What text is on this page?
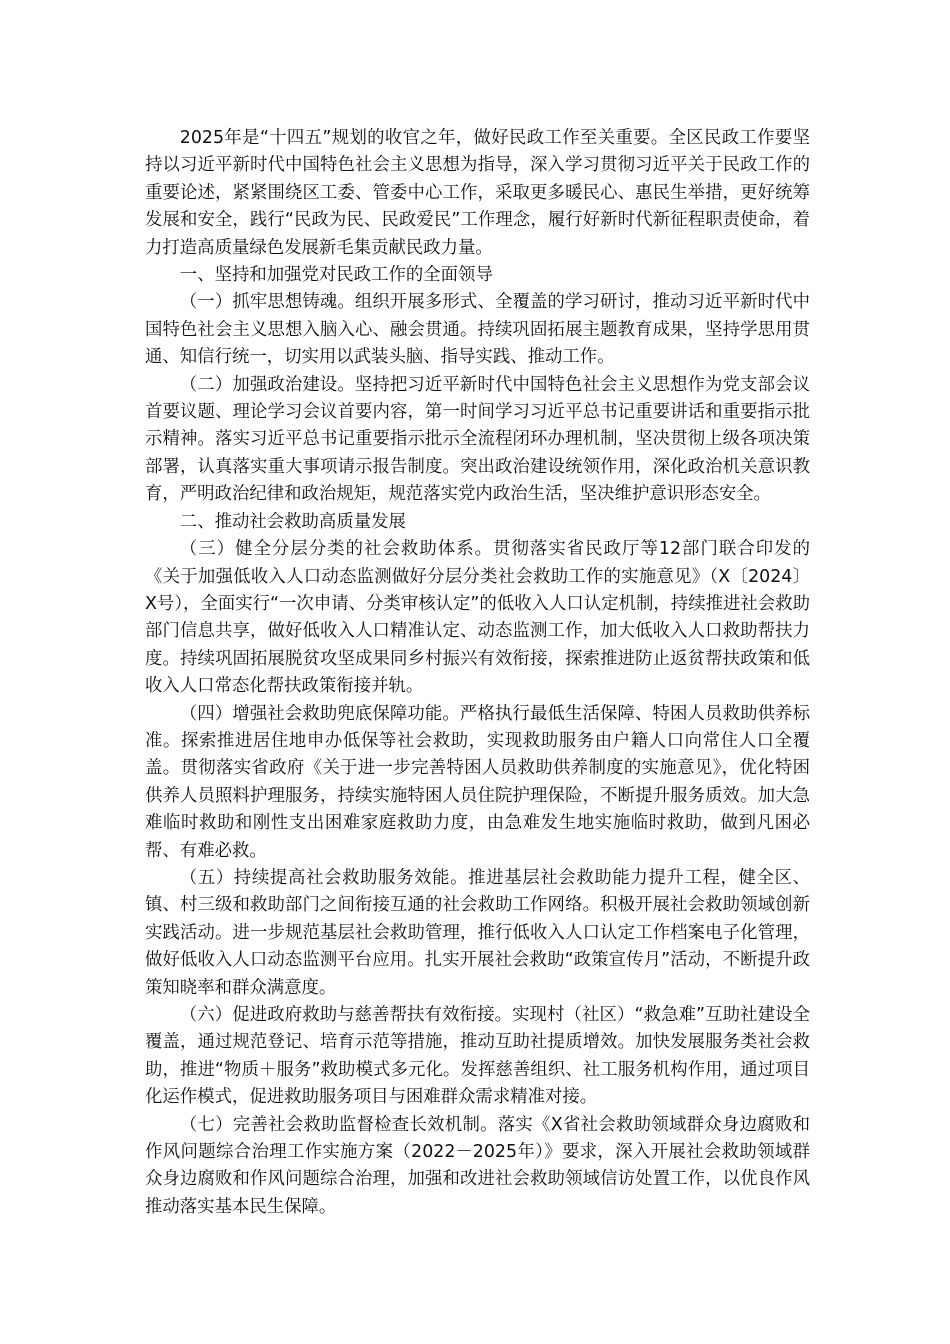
2025年是“十四五”规划的收官之年，做好民政工作至关重要。全区民政工作要坚持以习近平新时代中国特色社会主义思想为指导，深入学习贯彻习近平关于民政工作的重要论述，紧紧围绕区工委、管委中心工作，采取更多暖民心、惠民生举措，更好统筹发展和安全，践行“民政为民、民政爱民”工作理念，履行好新时代新征程职责使命，着力打造高质量绿色发展新毛集贡献民政力量。

一、坚持和加强党对民政工作的全面领导

（一）抓牢思想铸魂。组织开展多形式、全覆盖的学习研讨，推动习近平新时代中国特色社会主义思想入脑入心、融会贯通。持续巩固拓展主题教育成果，坚持学思用贯通、知信行统一，切实用以武装头脑、指导实践、推动工作。

（二）加强政治建设。坚持把习近平新时代中国特色社会主义思想作为党支部会议首要议题、理论学习会议首要内容，第一时间学习习近平总书记重要讲话和重要指示批示精神。落实习近平总书记重要指示批示全流程闭环办理机制，坚决贯彻上级各项决策部署，认真落实重大事项请示报告制度。突出政治建设统领作用，深化政治机关意识教育，严明政治纪律和政治规矩，规范落实党内政治生活，坚决维护意识形态安全。

二、推动社会救助高质量发展

（三）健全分层分类的社会救助体系。贯彻落实省民政厅等12部门联合印发的《关于加强低收入人口动态监测做好分层分类社会救助工作的实施意见》（X〔2024〕X号），全面实行“一次申请、分类审核认定”的低收入人口认定机制，持续推进社会救助部门信息共享，做好低收入人口精准认定、动态监测工作，加大低收入人口救助帮扶力度。持续巩固拓展脱贫攻坚成果同乡村振兴有效衔接，探索推进防止返贫帮扶政策和低收入人口常态化帮扶政策衔接并轨。

（四）增强社会救助兜底保障功能。严格执行最低生活保障、特困人员救助供养标准。探索推进居住地申办低保等社会救助，实现救助服务由户籍人口向常住人口全覆盖。贯彻落实省政府《关于进一步完善特困人员救助供养制度的实施意见》，优化特困供养人员照料护理服务，持续实施特困人员住院护理保险，不断提升服务质效。加大急难临时救助和刚性支出困难家庭救助力度，由急难发生地实施临时救助，做到凡困必帮、有难必救。

（五）持续提高社会救助服务效能。推进基层社会救助能力提升工程，健全区、镇、村三级和救助部门之间衔接互通的社会救助工作网络。积极开展社会救助领域创新实践活动。进一步规范基层社会救助管理，推行低收入人口认定工作档案电子化管理，做好低收入人口动态监测平台应用。扎实开展社会救助“政策宣传月”活动，不断提升政策知晓率和群众满意度。

（六）促进政府救助与慈善帮扶有效衔接。实现村（社区）“救急难”互助社建设全覆盖，通过规范登记、培育示范等措施，推动互助社提质增效。加快发展服务类社会救助，推进“物质＋服务”救助模式多元化。发挥慈善组织、社工服务机构作用，通过项目化运作模式，促进救助服务项目与困难群众需求精准对接。

（七）完善社会救助监督检查长效机制。落实《X省社会救助领域群众身边腐败和作风问题综合治理工作实施方案（2022－2025年）》要求，深入开展社会救助领域群众身边腐败和作风问题综合治理，加强和改进社会救助领域信访处置工作，以优良作风推动落实基本民生保障。
